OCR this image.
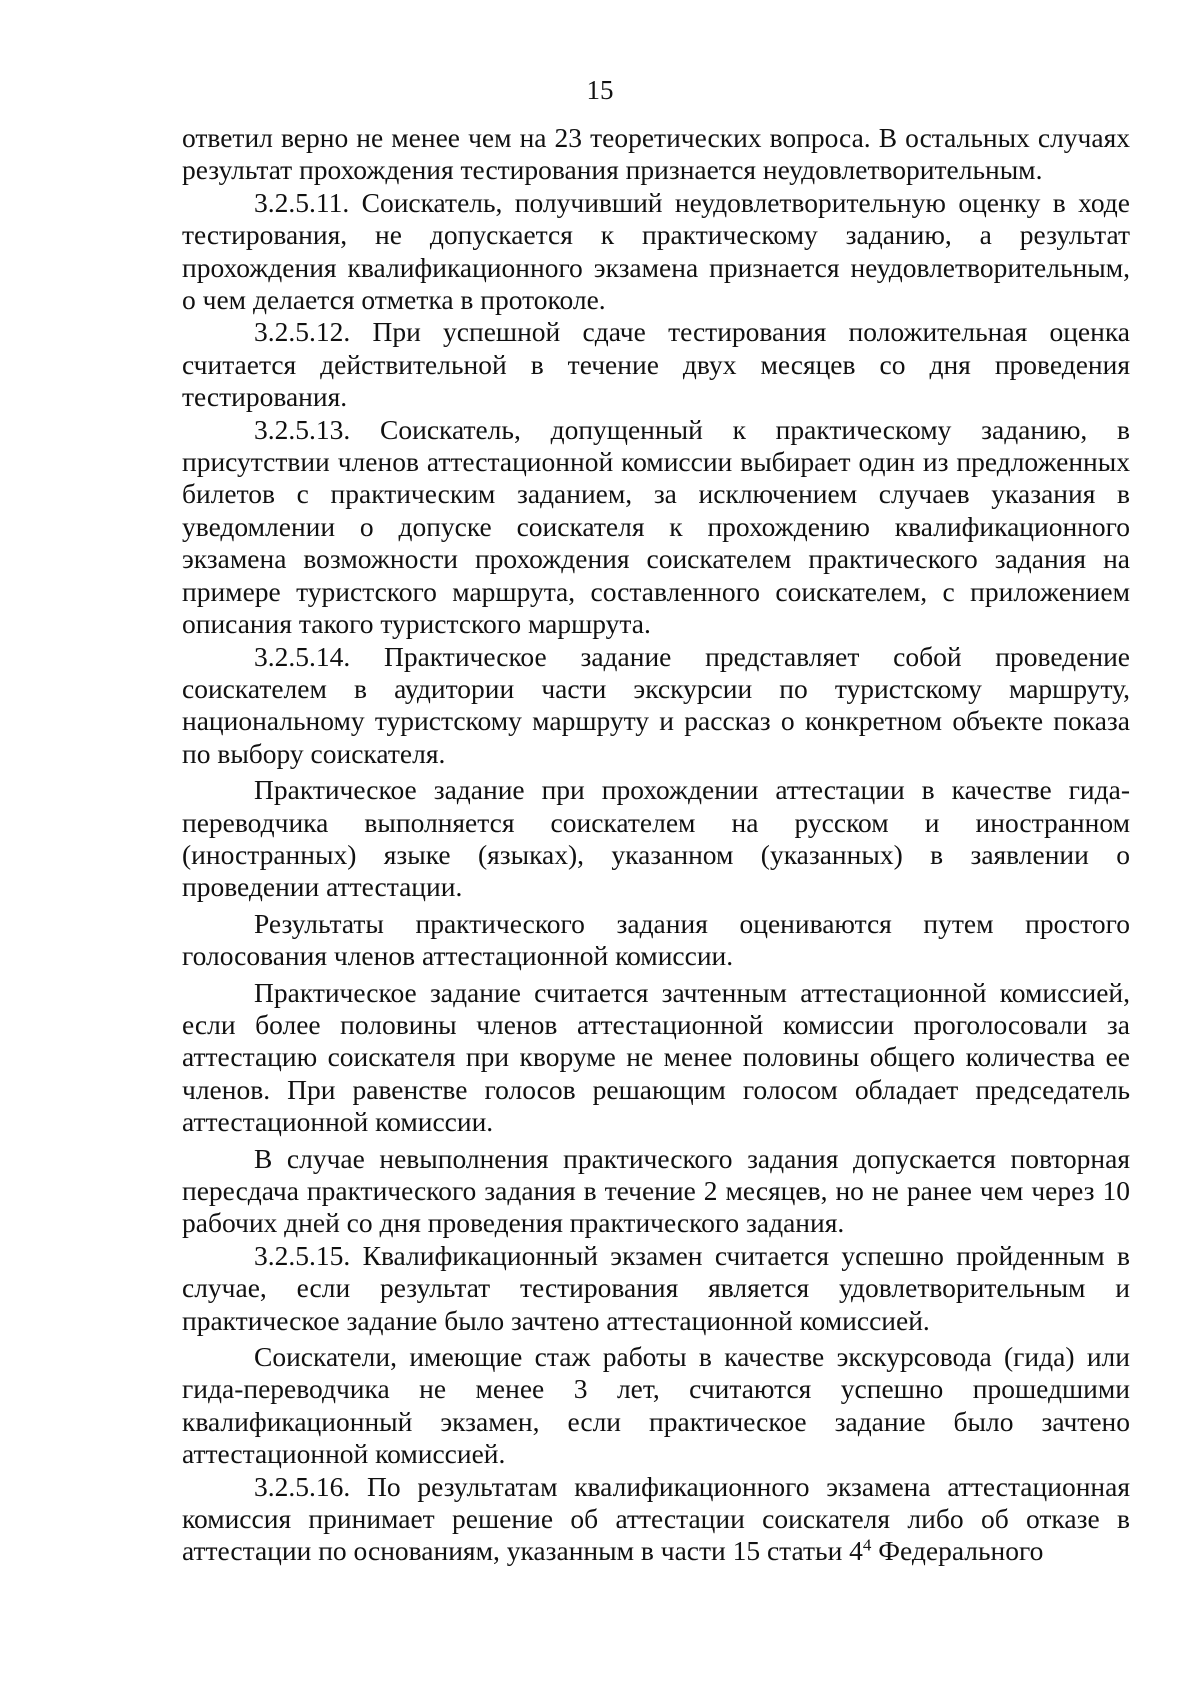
15

ответил верно не менее чем на 23 теоретических вопроса. В остальных случаях результат прохождения тестирования признается неудовлетворительным.

3.2.5.11. Соискатель, получивший неудовлетворительную оценку в ходе тестирования, не допускается к практическому заданию, а результат прохождения квалификационного экзамена признается неудовлетворительным, о чем делается отметка в протоколе.

3.2.5.12. При успешной сдаче тестирования положительная оценка считается действительной в течение двух месяцев со дня проведения тестирования.

3.2.5.13. Соискатель, допущенный к практическому заданию, в присутствии членов аттестационной комиссии выбирает один из предложенных билетов с практическим заданием, за исключением случаев указания в уведомлении о допуске соискателя к прохождению квалификационного экзамена возможности прохождения соискателем практического задания на примере туристского маршрута, составленного соискателем, с приложением описания такого туристского маршрута.

3.2.5.14. Практическое задание представляет собой проведение соискателем в аудитории части экскурсии по туристскому маршруту, национальному туристскому маршруту и рассказ о конкретном объекте показа по выбору соискателя.

Практическое задание при прохождении аттестации в качестве гида-переводчика выполняется соискателем на русском и иностранном (иностранных) языке (языках), указанном (указанных) в заявлении о проведении аттестации.

Результаты практического задания оцениваются путем простого голосования членов аттестационной комиссии.

Практическое задание считается зачтенным аттестационной комиссией, если более половины членов аттестационной комиссии проголосовали за аттестацию соискателя при кворуме не менее половины общего количества ее членов. При равенстве голосов решающим голосом обладает председатель аттестационной комиссии.

В случае невыполнения практического задания допускается повторная пересдача практического задания в течение 2 месяцев, но не ранее чем через 10 рабочих дней со дня проведения практического задания.

3.2.5.15. Квалификационный экзамен считается успешно пройденным в случае, если результат тестирования является удовлетворительным и практическое задание было зачтено аттестационной комиссией.

Соискатели, имеющие стаж работы в качестве экскурсовода (гида) или гида-переводчика не менее 3 лет, считаются успешно прошедшими квалификационный экзамен, если практическое задание было зачтено аттестационной комиссией.

3.2.5.16. По результатам квалификационного экзамена аттестационная комиссия принимает решение об аттестации соискателя либо об отказе в аттестации по основаниям, указанным в части 15 статьи $4^4$ Федерального
